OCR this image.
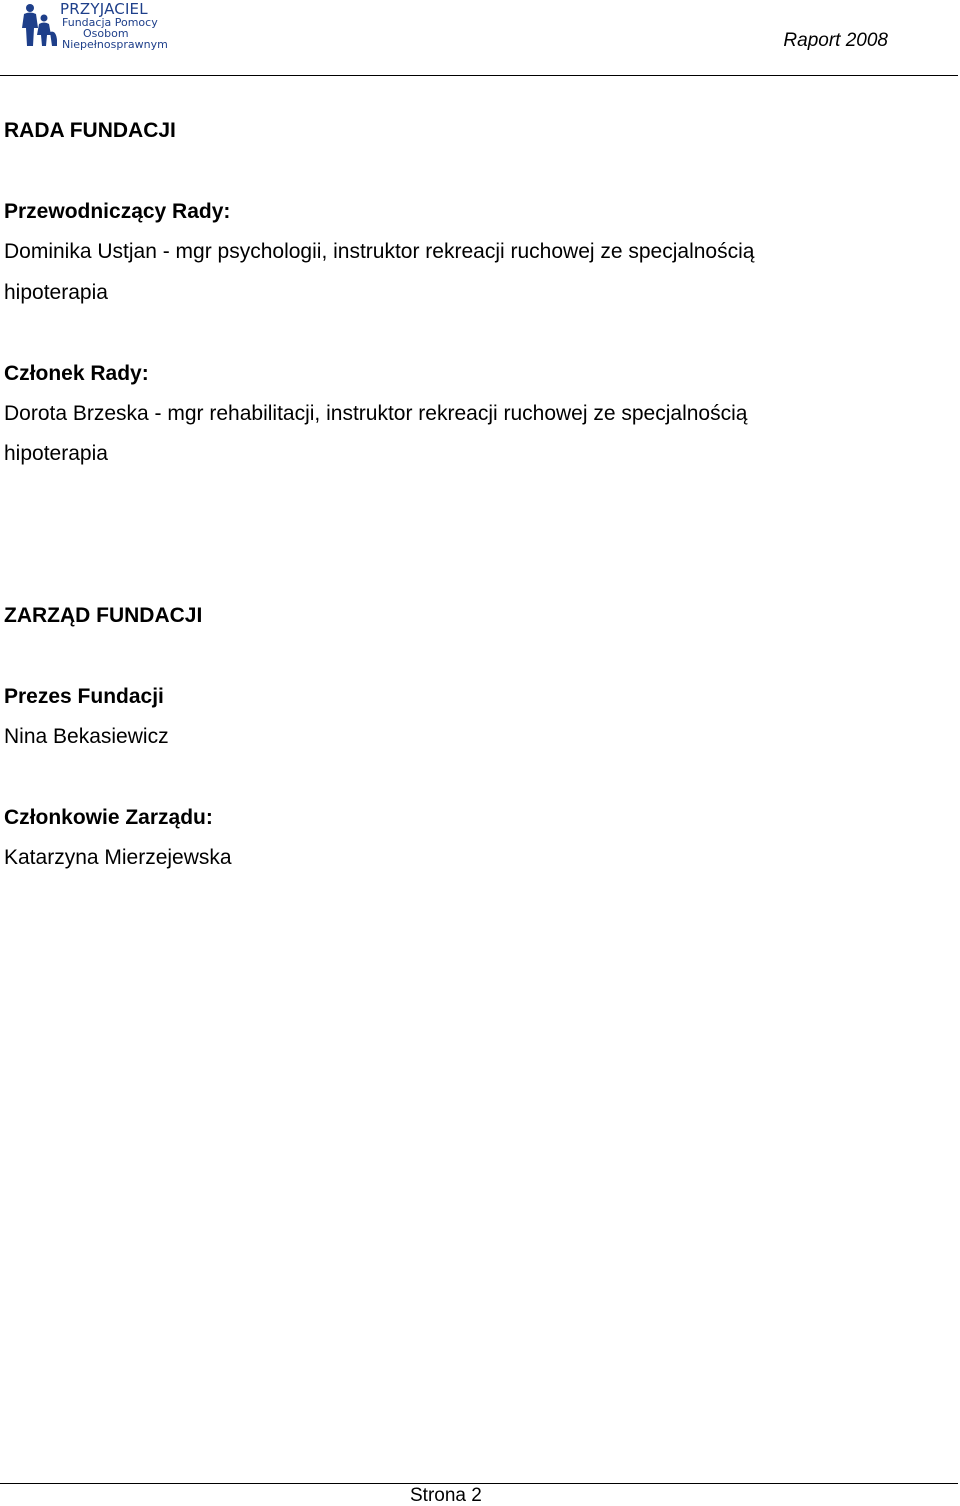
PRZYJACIEL
Fundacja Pomocy
Osobom
Niepełnosprawnym	Raport 2008
RADA FUNDACJI
Przewodniczący Rady:
Dominika Ustjan - mgr psychologii, instruktor rekreacji ruchowej ze specjalnością
hipoterapia
Członek Rady:
Dorota Brzeska - mgr rehabilitacji, instruktor rekreacji ruchowej ze specjalnością
hipoterapia
ZARZĄD FUNDACJI
Prezes Fundacji
Nina Bekasiewicz
Członkowie Zarządu:
Katarzyna Mierzejewska
Strona 2
